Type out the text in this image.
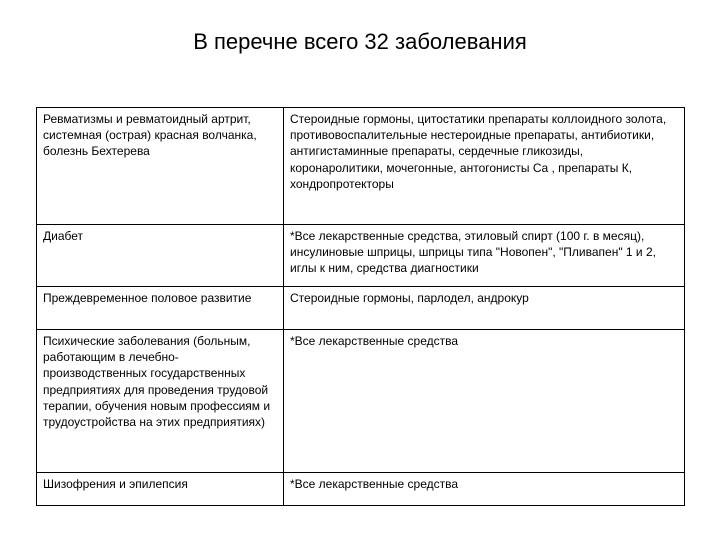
В перечне всего 32 заболевания
Ревматизмы и ревматоидный артрит, системная (острая) красная волчанка, болезнь Бехтерева	Стероидные гормоны, цитостатики препараты коллоидного золота, противовоспалительные нестероидные препараты, антибиотики, антигистаминные препараты, сердечные гликозиды, коронаролитики, мочегонные, антогонисты Ca , препараты К, хондропротекторы
Диабет	*Все лекарственные средства, этиловый спирт (100 г. в месяц), инсулиновые шприцы, шприцы типа "Новопен", "Пливапен" 1 и 2, иглы к ним, средства диагностики
Преждевременное половое развитие	Стероидные гормоны, парлодел, андрокур
Психические заболевания (больным, работающим в лечебно-производственных государственных предприятиях для проведения трудовой терапии, обучения новым профессиям и трудоустройства на этих предприятиях)	*Все лекарственные средства
Шизофрения и эпилепсия	*Все лекарственные средства
